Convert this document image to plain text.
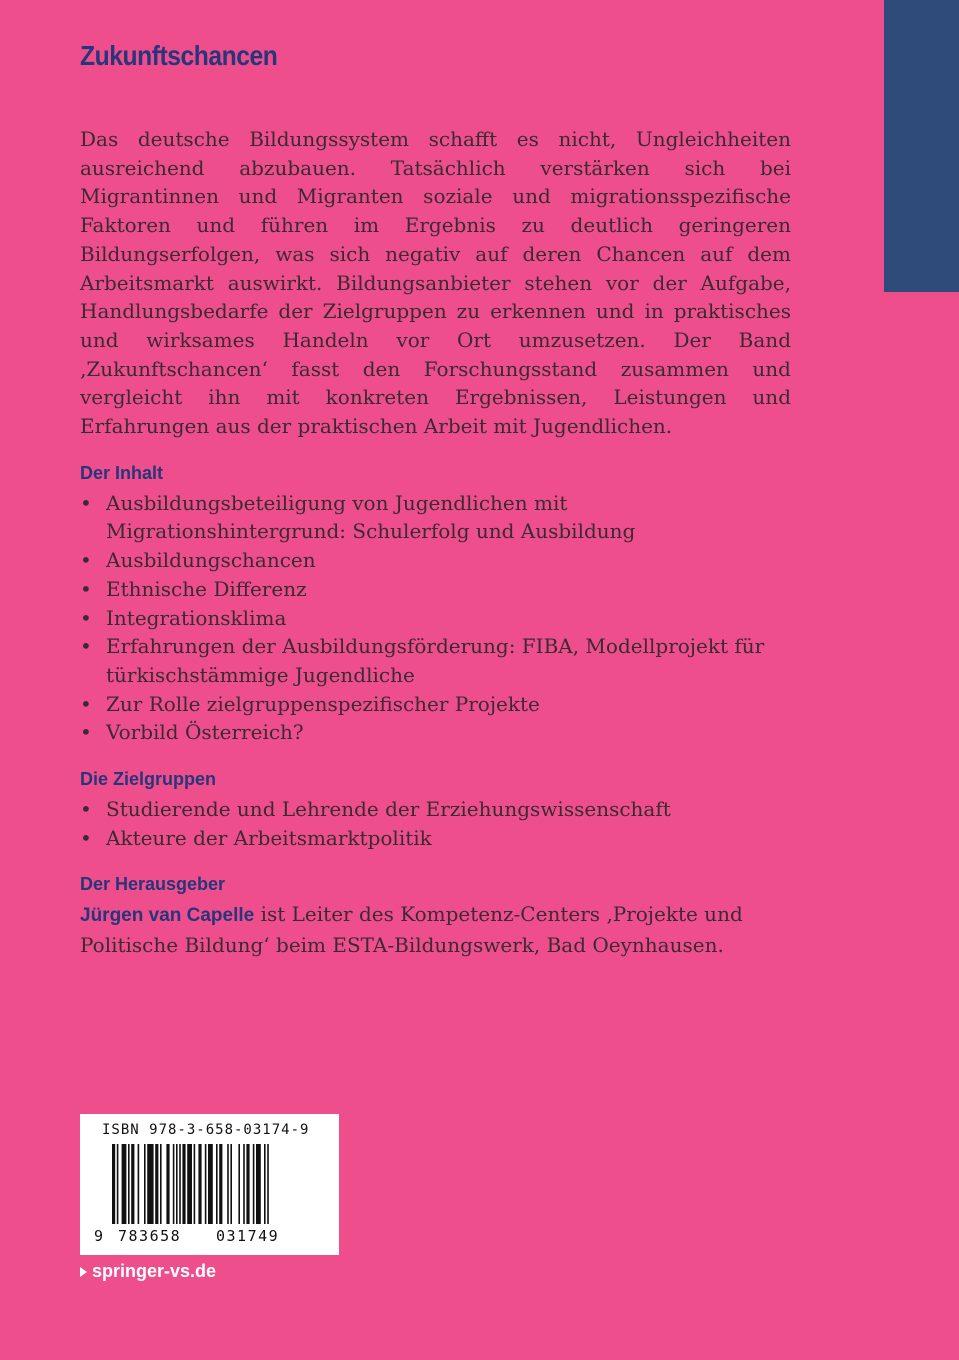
Zukunftschancen

Das deutsche Bildungssystem schafft es nicht, Ungleichheiten ausreichend abzubauen. Tatsächlich verstärken sich bei Migrantinnen und Migranten soziale und migrationsspezifische Faktoren und führen im Ergebnis zu deutlich geringeren Bildungserfolgen, was sich negativ auf deren Chancen auf dem Arbeitsmarkt auswirkt. Bildungsanbieter stehen vor der Aufgabe, Handlungsbedarfe der Zielgruppen zu erkennen und in praktisches und wirksames Handeln vor Ort umzusetzen. Der Band ‚Zukunftschancen‘ fasst den Forschungsstand zusammen und vergleicht ihn mit konkreten Ergebnissen, Leistungen und Erfahrungen aus der praktischen Arbeit mit Jugendlichen.

Der Inhalt
• Ausbildungsbeteiligung von Jugendlichen mit Migrationshintergrund: Schulerfolg und Ausbildung
• Ausbildungschancen
• Ethnische Differenz
• Integrationsklima
• Erfahrungen der Ausbildungsförderung: FIBA, Modellprojekt für türkischstämmige Jugendliche
• Zur Rolle zielgruppenspezifischer Projekte
• Vorbild Österreich?
Die Zielgruppen
• Studierende und Lehrende der Erziehungswissenschaft
• Akteure der Arbeitsmarktpolitik
Der Herausgeber

Jürgen van Capelle ist Leiter des Kompetenz-Centers ‚Projekte und Politische Bildung‘ beim ESTA-Bildungswerk, Bad Oeynhausen.

ISBN 978-3-658-03174-9
9 783658 031749
springer-vs.de
